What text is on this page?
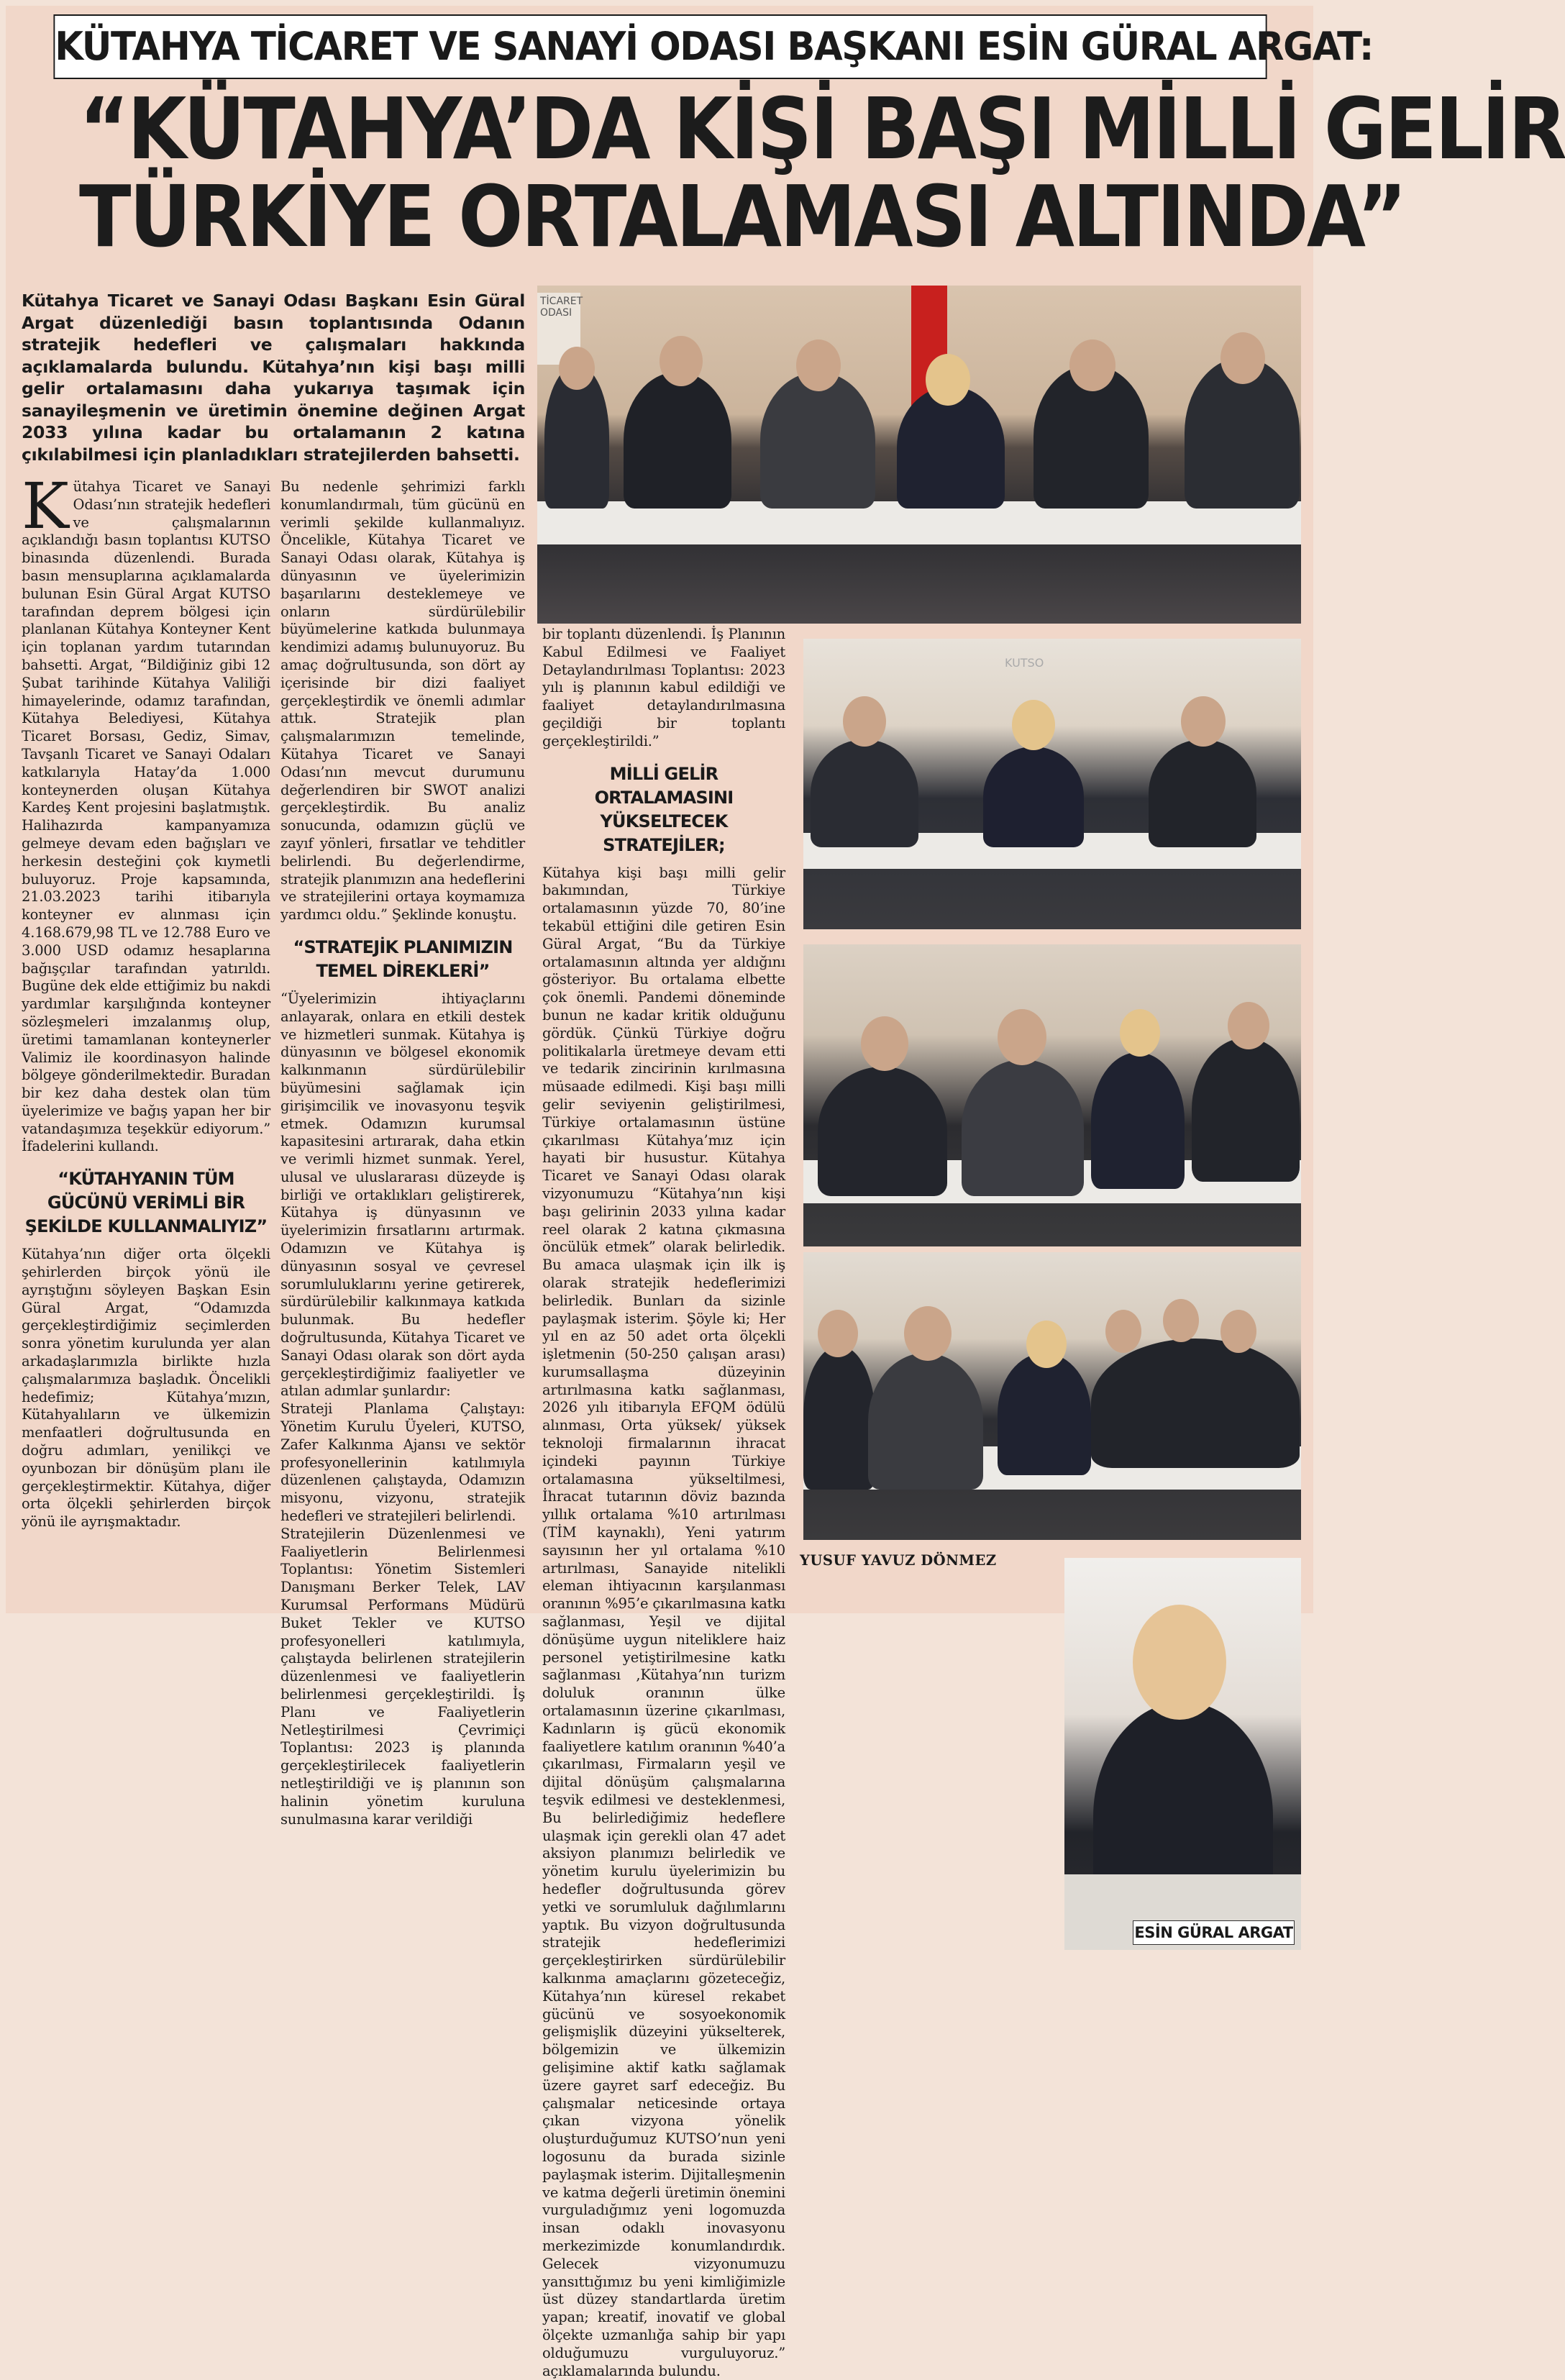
KÜTAHYA TİCARET VE SANAYİ ODASI BAŞKANI ESİN GÜRAL ARGAT:
“KÜTAHYA’DA KİŞİ BAŞI MİLLİ GELİR
TÜRKİYE ORTALAMASI ALTINDA”
Kütahya Ticaret ve Sanayi Odası Başkanı Esin Güral Argat düzenlediği basın toplantısında Odanın stratejik hedefleri ve çalışmaları hakkında açıklamalarda bulundu. Kütahya’nın kişi başı milli gelir ortalamasını daha yukarıya taşımak için sanayileşmenin ve üretimin önemine değinen Argat 2033 yılına kadar bu ortalamanın 2 katına çıkılabilmesi için planladıkları stratejilerden bahsetti.

Kütahya Ticaret ve Sanayi Odası’nın stratejik hedefleri ve çalışmalarının açıklandığı basın toplantısı KUTSO binasında düzenlendi. Burada basın mensuplarına açıklamalarda bulunan Esin Güral Argat KUTSO tarafından deprem bölgesi için planlanan Kütahya Konteyner Kent için toplanan yardım tutarından bahsetti. Argat, “Bildiğiniz gibi 12 Şubat tarihinde Kütahya Valiliği himayelerinde, odamız tarafından, Kütahya Belediyesi, Kütahya Ticaret Borsası, Gediz, Simav, Tavşanlı Ticaret ve Sanayi Odaları katkılarıyla Hatay’da 1.000 konteynerden oluşan Kütahya Kardeş Kent projesini başlatmıştık. Halihazırda kampanyamıza gelmeye devam eden bağışları ve herkesin desteğini çok kıymetli buluyoruz. Proje kapsamında, 21.03.2023 tarihi itibarıyla konteyner ev alınması için 4.168.679,98 TL ve 12.788 Euro ve 3.000 USD odamız hesaplarına bağışçılar tarafından yatırıldı. Bugüne dek elde ettiğimiz bu nakdi yardımlar karşılığında konteyner sözleşmeleri imzalanmış olup, üretimi tamamlanan konteynerler Valimiz ile koordinasyon halinde bölgeye gönderilmektedir. Buradan bir kez daha destek olan tüm üyelerimize ve bağış yapan her bir vatandaşımıza teşekkür ediyorum.” İfadelerini kullandı.

“KÜTAHYANIN TÜM GÜCÜNÜ VERİMLİ BİR ŞEKİLDE KULLANMALIYIZ”

Kütahya’nın diğer orta ölçekli şehirlerden birçok yönü ile ayrıştığını söyleyen Başkan Esin Güral Argat, “Odamızda gerçekleştirdiğimiz seçimlerden sonra yönetim kurulunda yer alan arkadaşlarımızla birlikte hızla çalışmalarımıza başladık. Öncelikli hedefimiz; Kütahya’mızın, Kütahyalıların ve ülkemizin menfaatleri doğrultusunda en doğru adımları, yenilikçi ve oyunbozan bir dönüşüm planı ile gerçekleştirmektir. Kütahya, diğer orta ölçekli şehirlerden birçok yönü ile ayrışmaktadır.

Bu nedenle şehrimizi farklı konumlandırmalı, tüm gücünü en verimli şekilde kullanmalıyız. Öncelikle, Kütahya Ticaret ve Sanayi Odası olarak, Kütahya iş dünyasının ve üyelerimizin başarılarını desteklemeye ve onların sürdürülebilir büyümelerine katkıda bulunmaya kendimizi adamış bulunuyoruz. Bu amaç doğrultusunda, son dört ay içerisinde bir dizi faaliyet gerçekleştirdik ve önemli adımlar attık. Stratejik plan çalışmalarımızın temelinde, Kütahya Ticaret ve Sanayi Odası’nın mevcut durumunu değerlendiren bir SWOT analizi gerçekleştirdik. Bu analiz sonucunda, odamızın güçlü ve zayıf yönleri, fırsatlar ve tehditler belirlendi. Bu değerlendirme, stratejik planımızın ana hedeflerini ve stratejilerini ortaya koymamıza yardımcı oldu.” Şeklinde konuştu.

“STRATEJİK PLANIMIZIN TEMEL DİREKLERİ”

“Üyelerimizin ihtiyaçlarını anlayarak, onlara en etkili destek ve hizmetleri sunmak. Kütahya iş dünyasının ve bölgesel ekonomik kalkınmanın sürdürülebilir büyümesini sağlamak için girişimcilik ve inovasyonu teşvik etmek. Odamızın kurumsal kapasitesini artırarak, daha etkin ve verimli hizmet sunmak. Yerel, ulusal ve uluslararası düzeyde iş birliği ve ortaklıkları geliştirerek, Kütahya iş dünyasının ve üyelerimizin fırsatlarını artırmak. Odamızın ve Kütahya iş dünyasının sosyal ve çevresel sorumluluklarını yerine getirerek, sürdürülebilir kalkınmaya katkıda bulunmak. Bu hedefler doğrultusunda, Kütahya Ticaret ve Sanayi Odası olarak son dört ayda gerçekleştirdiğimiz faaliyetler ve atılan adımlar şunlardır:

Strateji Planlama Çalıştayı: Yönetim Kurulu Üyeleri, KUTSO, Zafer Kalkınma Ajansı ve sektör profesyonellerinin katılımıyla düzenlenen çalıştayda, Odamızın misyonu, vizyonu, stratejik hedefleri ve stratejileri belirlendi.

Stratejilerin Düzenlenmesi ve Faaliyetlerin Belirlenmesi Toplantısı: Yönetim Sistemleri Danışmanı Berker Telek, LAV Kurumsal Performans Müdürü Buket Tekler ve KUTSO profesyonelleri katılımıyla, çalıştayda belirlenen stratejilerin düzenlenmesi ve faaliyetlerin belirlenmesi gerçekleştirildi. İş Planı ve Faaliyetlerin Netleştirilmesi Çevrimiçi Toplantısı: 2023 iş planında gerçekleştirilecek faaliyetlerin netleştirildiği ve iş planının son halinin yönetim kuruluna sunulmasına karar verildiği

bir toplantı düzenlendi. İş Planının Kabul Edilmesi ve Faaliyet Detaylandırılması Toplantısı: 2023 yılı iş planının kabul edildiği ve faaliyet detaylandırılmasına geçildiği bir toplantı gerçekleştirildi.”

MİLLİ GELİR ORTALAMASINI YÜKSELTECEK STRATEJİLER;

Kütahya kişi başı milli gelir bakımından, Türkiye ortalamasının yüzde 70, 80’ine tekabül ettiğini dile getiren Esin Güral Argat, “Bu da Türkiye ortalamasının altında yer aldığını gösteriyor. Bu ortalama elbette çok önemli. Pandemi döneminde bunun ne kadar kritik olduğunu gördük. Çünkü Türkiye doğru politikalarla üretmeye devam etti ve tedarik zincirinin kırılmasına müsaade edilmedi. Kişi başı milli gelir seviyenin geliştirilmesi, Türkiye ortalamasının üstüne çıkarılması Kütahya’mız için hayati bir husustur. Kütahya Ticaret ve Sanayi Odası olarak vizyonumuzu “Kütahya’nın kişi başı gelirinin 2033 yılına kadar reel olarak 2 katına çıkmasına öncülük etmek” olarak belirledik. Bu amaca ulaşmak için ilk iş olarak stratejik hedeflerimizi belirledik. Bunları da sizinle paylaşmak isterim. Şöyle ki; Her yıl en az 50 adet orta ölçekli işletmenin (50-250 çalışan arası) kurumsallaşma düzeyinin artırılmasına katkı sağlanması, 2026 yılı itibarıyla EFQM ödülü alınması, Orta yüksek/ yüksek teknoloji firmalarının ihracat içindeki payının Türkiye ortalamasına yükseltilmesi, İhracat tutarının döviz bazında yıllık ortalama %10 artırılması (TİM kaynaklı), Yeni yatırım sayısının her yıl ortalama %10 artırılması, Sanayide nitelikli eleman ihtiyacının karşılanması oranının %95’e çıkarılmasına katkı sağlanması, Yeşil ve dijital dönüşüme uygun niteliklere haiz personel yetiştirilmesine katkı sağlanması ,Kütahya’nın turizm doluluk oranının ülke ortalamasının üzerine çıkarılması, Kadınların iş gücü ekonomik faaliyetlere katılım oranının %40’a çıkarılması, Firmaların yeşil ve dijital dönüşüm çalışmalarına teşvik edilmesi ve desteklenmesi, Bu belirlediğimiz hedeflere ulaşmak için gerekli olan 47 adet aksiyon planımızı belirledik ve yönetim kurulu üyelerimizin bu hedefler doğrultusunda görev yetki ve sorumluluk dağılımlarını yaptık. Bu vizyon doğrultusunda stratejik hedeflerimizi gerçekleştirirken sürdürülebilir kalkınma amaçlarını gözeteceğiz, Kütahya’nın küresel rekabet gücünü ve sosyoekonomik gelişmişlik düzeyini yükselterek, bölgemizin ve ülkemizin gelişimine aktif katkı sağlamak üzere gayret sarf edeceğiz. Bu çalışmalar neticesinde ortaya çıkan vizyona yönelik oluşturduğumuz KUTSO’nun yeni logosunu da burada sizinle paylaşmak isterim. Dijitalleşmenin ve katma değerli üretimin önemini vurguladığımız yeni logomuzda insan odaklı inovasyonu merkezimizde konumlandırdık. Gelecek vizyonumuzu yansıttığımız bu yeni kimliğimizle üst düzey standartlarda üretim yapan; kreatif, inovatif ve global ölçekte uzmanlığa sahip bir yapı olduğumuzu vurguluyoruz.” açıklamalarında bulundu.

YUSUF YAVUZ DÖNMEZ

TİCARET ODASI
KUTSO
ESİN GÜRAL ARGAT
